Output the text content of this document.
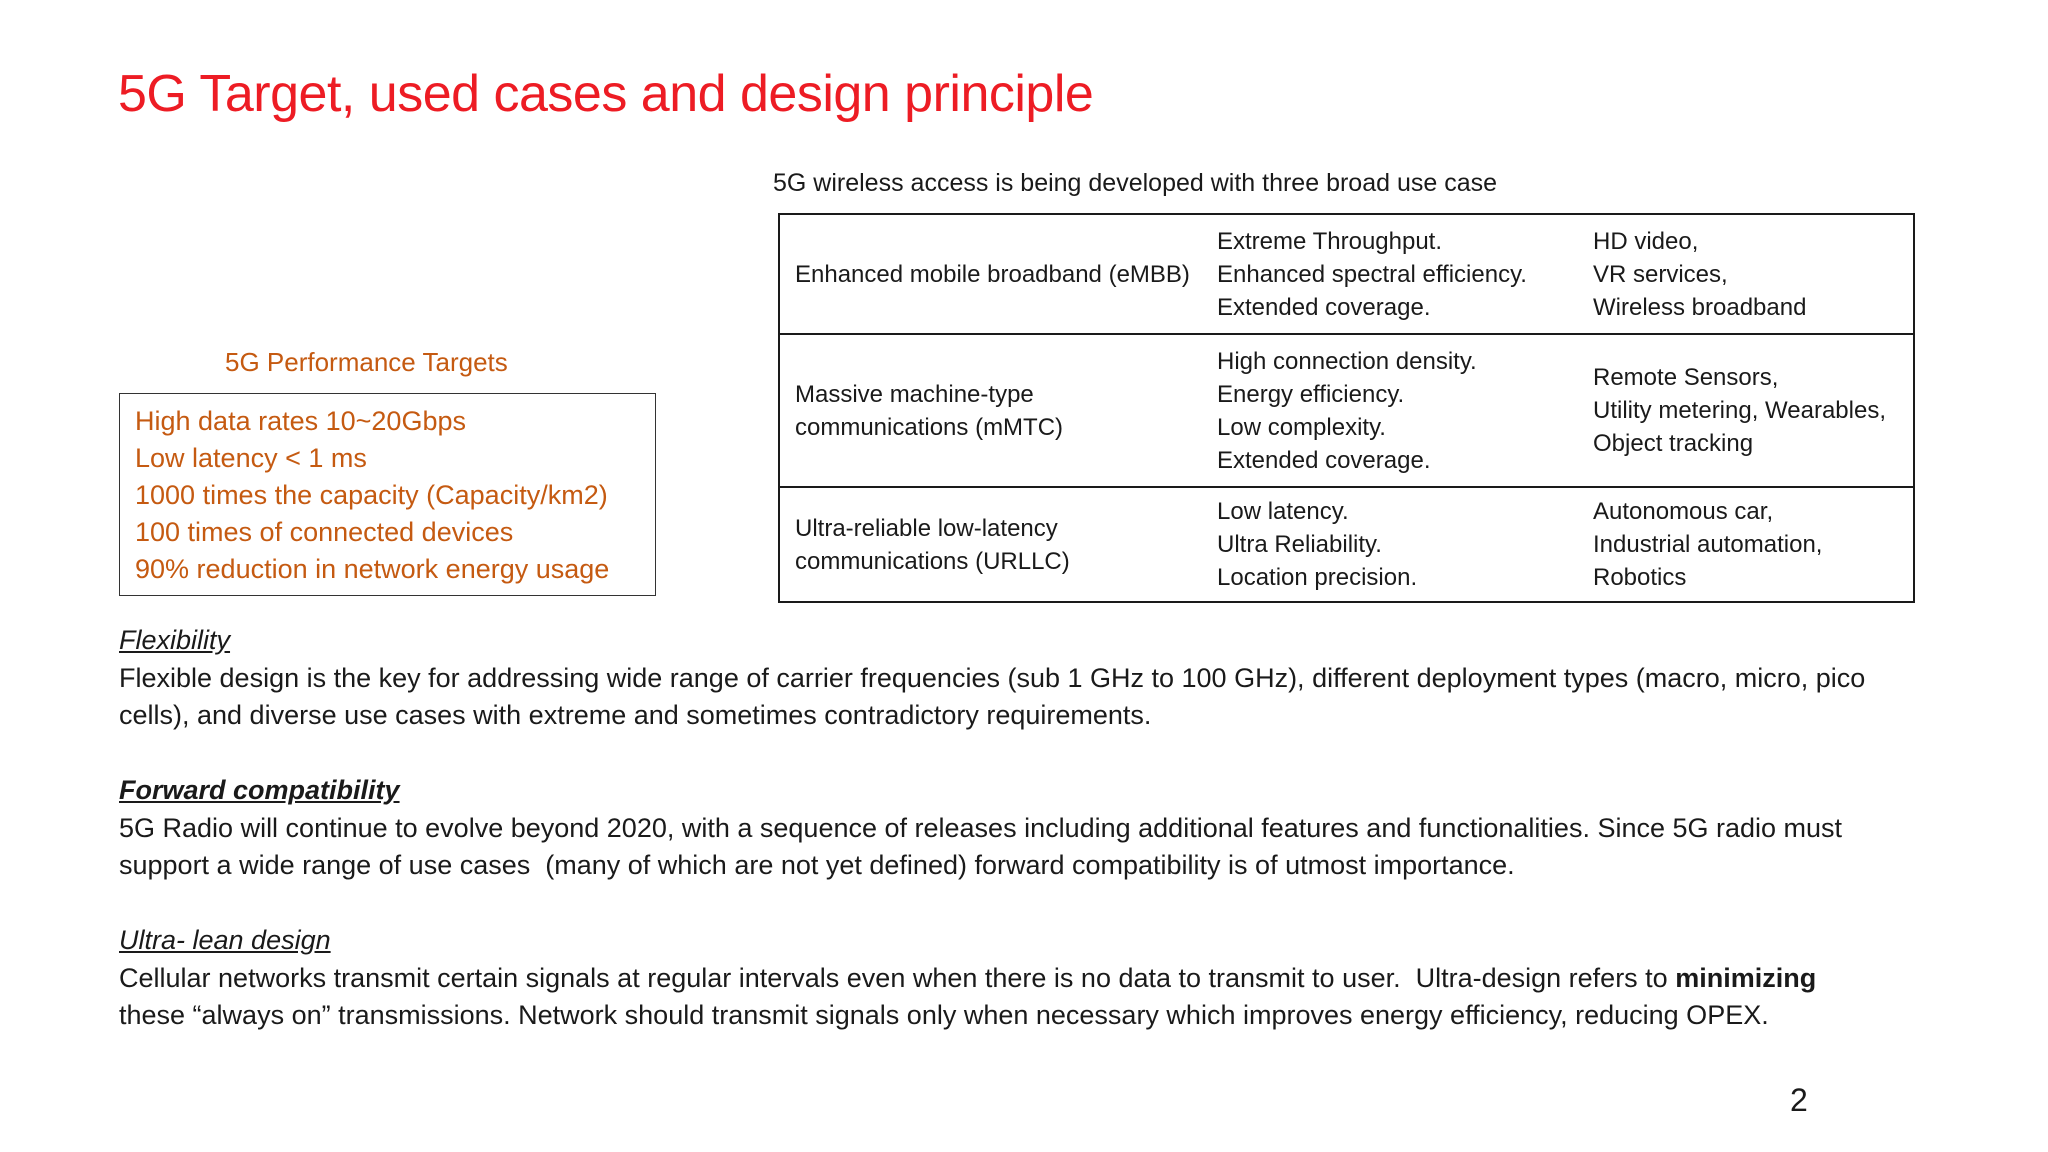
5G Target, used cases and design principle
5G wireless access is being developed with three broad use case
Enhanced mobile broadband (eMBB)
Extreme Throughput.
Enhanced spectral efficiency.
Extended coverage.
HD video,
VR services,
Wireless broadband
Massive machine-type
communications (mMTC)
High connection density.
Energy efficiency.
Low complexity.
Extended coverage.
Remote Sensors,
Utility metering, Wearables,
Object tracking
Ultra-reliable low-latency
communications (URLLC)
Low latency.
Ultra Reliability.
Location precision.
Autonomous car,
Industrial automation,
Robotics
5G Performance Targets
High data rates 10~20Gbps
Low latency < 1 ms
1000 times the capacity (Capacity/km2)
100 times of connected devices
90% reduction in network energy usage
Flexibility
Flexible design is the key for addressing wide range of carrier frequencies (sub 1 GHz to 100 GHz), different deployment types (macro, micro, pico
cells), and diverse use cases with extreme and sometimes contradictory requirements.
Forward compatibility
5G Radio will continue to evolve beyond 2020, with a sequence of releases including additional features and functionalities. Since 5G radio must
support a wide range of use cases  (many of which are not yet defined) forward compatibility is of utmost importance.
Ultra- lean design
Cellular networks transmit certain signals at regular intervals even when there is no data to transmit to user.  Ultra-design refers to minimizing
these “always on” transmissions. Network should transmit signals only when necessary which improves energy efficiency, reducing OPEX.
2
